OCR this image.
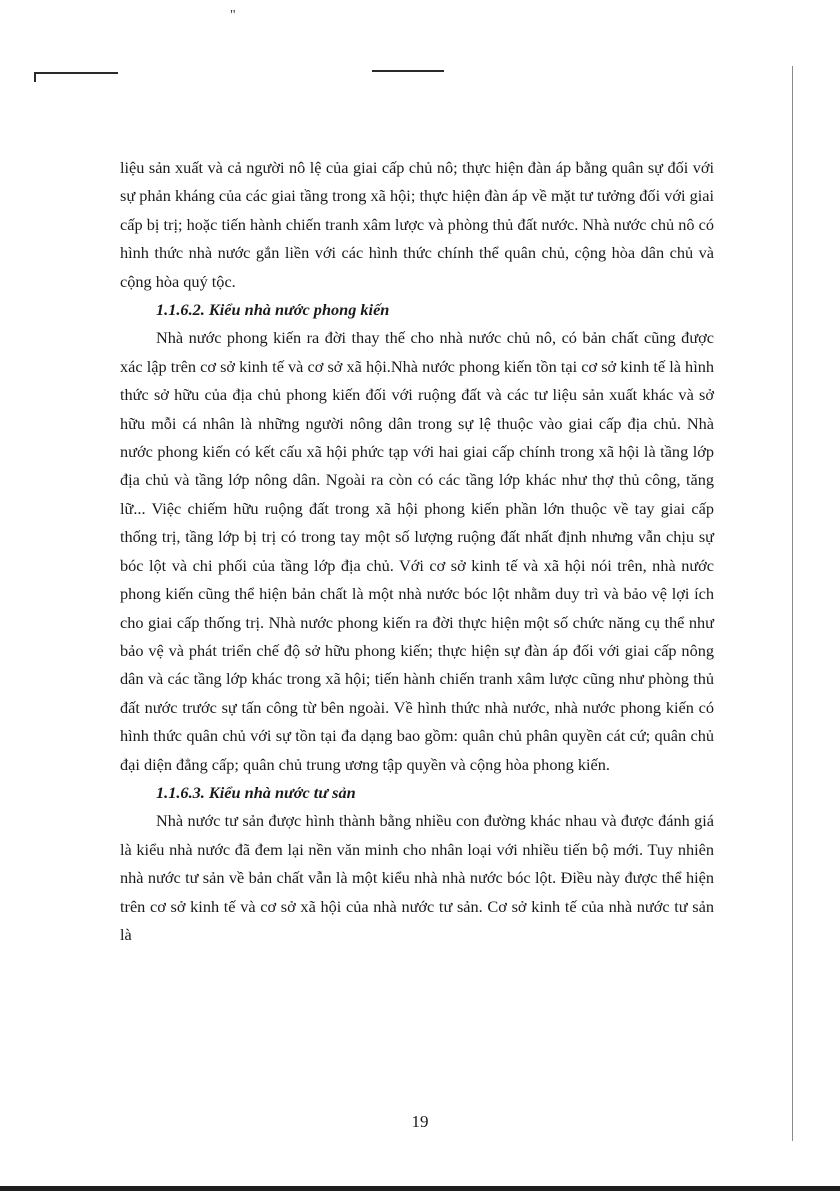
"

liệu sản xuất và cả người nô lệ của giai cấp chủ nô; thực hiện đàn áp bằng quân sự đối với sự phản kháng của các giai tầng trong xã hội; thực hiện đàn áp về mặt tư tưởng đối với giai cấp bị trị; hoặc tiến hành chiến tranh xâm lược và phòng thủ đất nước. Nhà nước chủ nô có hình thức nhà nước gắn liền với các hình thức chính thể quân chủ, cộng hòa dân chủ và cộng hòa quý tộc.

1.1.6.2. Kiểu nhà nước phong kiến

Nhà nước phong kiến ra đời thay thế cho nhà nước chủ nô, có bản chất cũng được xác lập trên cơ sở kinh tế và cơ sở xã hội.Nhà nước phong kiến tồn tại cơ sở kinh tế là hình thức sở hữu của địa chủ phong kiến đối với ruộng đất và các tư liệu sản xuất khác và sở hữu mỗi cá nhân là những người nông dân trong sự lệ thuộc vào giai cấp địa chủ. Nhà nước phong kiến có kết cấu xã hội phức tạp với hai giai cấp chính trong xã hội là tầng lớp địa chủ và tầng lớp nông dân. Ngoài ra còn có các tầng lớp khác như thợ thủ công, tăng lữ... Việc chiếm hữu ruộng đất trong xã hội phong kiến phần lớn thuộc về tay giai cấp thống trị, tầng lớp bị trị có trong tay một số lượng ruộng đất nhất định nhưng vẫn chịu sự bóc lột và chi phối của tầng lớp địa chủ. Với cơ sở kinh tế và xã hội nói trên, nhà nước phong kiến cũng thể hiện bản chất là một nhà nước bóc lột nhằm duy trì và bảo vệ lợi ích cho giai cấp thống trị. Nhà nước phong kiến ra đời thực hiện một số chức năng cụ thể như bảo vệ và phát triển chế độ sở hữu phong kiến; thực hiện sự đàn áp đối với giai cấp nông dân và các tầng lớp khác trong xã hội; tiến hành chiến tranh xâm lược cũng như phòng thủ đất nước trước sự tấn công từ bên ngoài. Về hình thức nhà nước, nhà nước phong kiến có hình thức quân chủ với sự tồn tại đa dạng bao gồm: quân chủ phân quyền cát cứ; quân chủ đại diện đẳng cấp; quân chủ trung ương tập quyền và cộng hòa phong kiến.

1.1.6.3. Kiểu nhà nước tư sản

Nhà nước tư sản được hình thành bằng nhiều con đường khác nhau và được đánh giá là kiểu nhà nước đã đem lại nền văn minh cho nhân loại với nhiều tiến bộ mới. Tuy nhiên nhà nước tư sản về bản chất vẫn là một kiểu nhà nhà nước bóc lột. Điều này được thể hiện trên cơ sở kinh tế và cơ sở xã hội của nhà nước tư sản. Cơ sở kinh tế của nhà nước tư sản là

19
